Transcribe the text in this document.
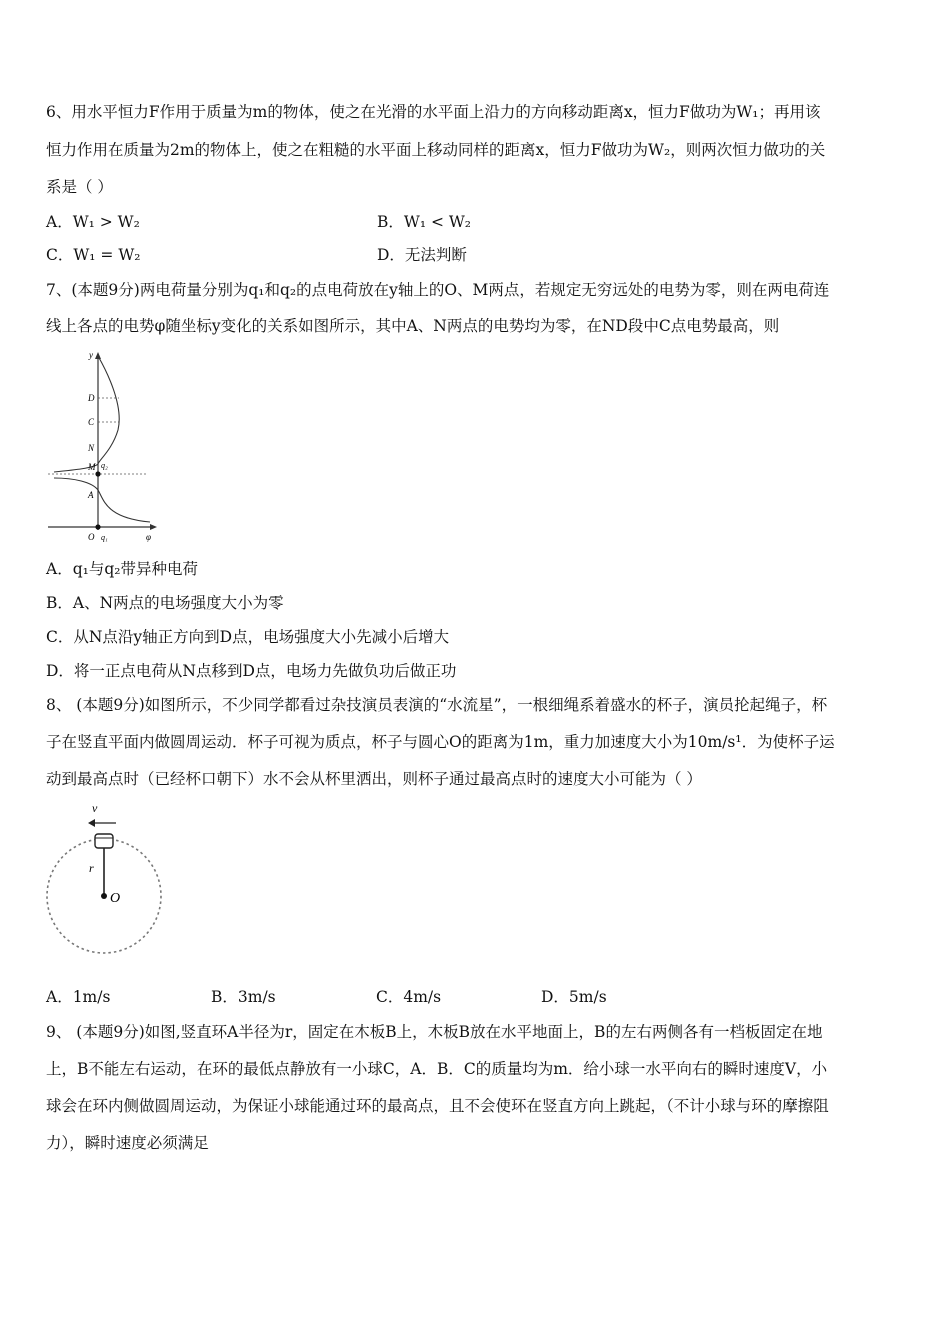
6、用水平恒力F作用于质量为m的物体，使之在光滑的水平面上沿力的方向移动距离x，恒力F做功为W₁；再用该
恒力作用在质量为2m的物体上，使之在粗糙的水平面上移动同样的距离x，恒力F做功为W₂，则两次恒力做功的关
系是（ ）
A．W₁ > W₂	B．W₁ < W₂
C．W₁ = W₂	D．无法判断
7、(本题9分)两电荷量分别为q₁和q₂的点电荷放在y轴上的O、M两点，若规定无穷远处的电势为零，则在两电荷连
线上各点的电势φ随坐标y变化的关系如图所示，其中A、N两点的电势均为零，在ND段中C点电势最高，则
y
φ
D
C
N
M q₂
A
O q₁
A．q₁与q₂带异种电荷
B．A、N两点的电场强度大小为零
C．从N点沿y轴正方向到D点，电场强度大小先减小后增大
D．将一正点电荷从N点移到D点，电场力先做负功后做正功
8、 (本题9分)如图所示，不少同学都看过杂技演员表演的“水流星”，一根细绳系着盛水的杯子，演员抡起绳子，杯
子在竖直平面内做圆周运动．杯子可视为质点，杯子与圆心O的距离为1m，重力加速度大小为10m/s¹．为使杯子运
动到最高点时（已经杯口朝下）水不会从杯里洒出，则杯子通过最高点时的速度大小可能为（ ）
v
r
O
A．1m/s	B．3m/s	C．4m/s	D．5m/s
9、 (本题9分)如图,竖直环A半径为r，固定在木板B上，木板B放在水平地面上，B的左右两侧各有一档板固定在地
上，B不能左右运动，在环的最低点静放有一小球C，A．B．C的质量均为m．给小球一水平向右的瞬时速度V，小
球会在环内侧做圆周运动，为保证小球能通过环的最高点，且不会使环在竖直方向上跳起，（不计小球与环的摩擦阻
力），瞬时速度必须满足
